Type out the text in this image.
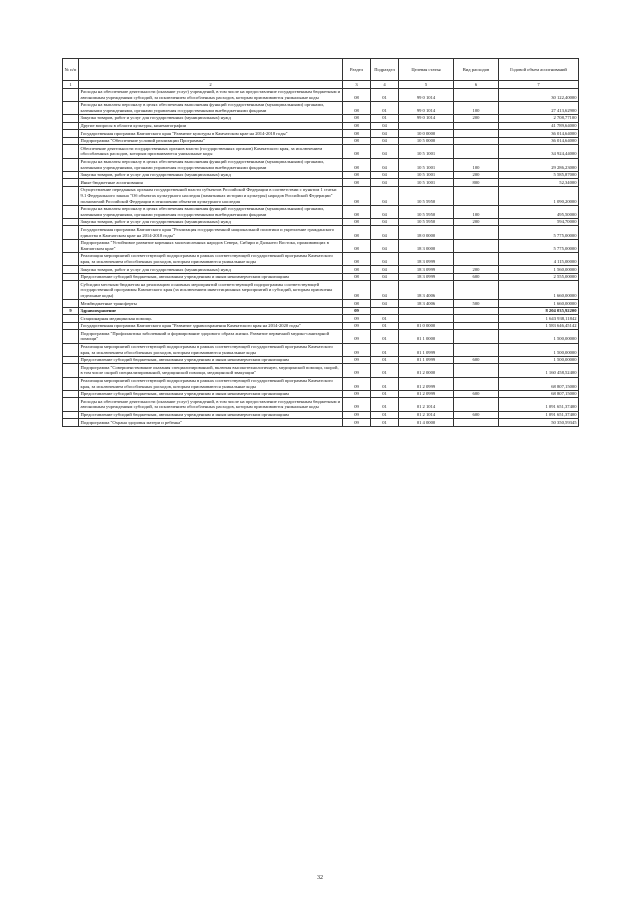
№ п/п		Раздел	Подраздел	Целевая статья	Вид расходов	Годовой объем ассигнований
1	2	3	4	5	6	7
	Расходы на обеспечение деятельности (оказание услуг) учреждений, в том числе на предоставление государственным бюджетным и автономным учреждениям субсидий, за исключением обособленных расходов, которым присваиваются уникальные коды	08	01	99 0 1014		30 122,40000
	Расходы на выплаты персоналу в целях обеспечения выполнения функций государственными (муниципальными) органами, казенными учреждениями, органами управления государственными внебюджетными фондами	08	01	99 0 1014	100	27 413,62900
	Закупка товаров, работ и услуг для государственных (муниципальных) нужд	08	01	99 0 1014	200	2 708,77100
	Другие вопросы в области культуры, кинематографии	08	04			41 789,64000
	Государственная программа Камчатского края "Развитие культуры в Камчатском крае на 2014-2018 годы"	08	04	10 0 0000		36 014,64000
	Подпрограмма "Обеспечение условий реализации Программы"	08	04	10 5 0000		36 014,64000
	Обеспечение деятельности государственных органов власти (государственных органов) Камчатского края, за исключением обособленных расходов, которым присваиваются уникальные коды	08	04	10 5 1001		34 924,44000
	Расходы на выплаты персоналу в целях обеспечения выполнения функций государственными (муниципальными) органами, казенными учреждениями, органами управления государственными внебюджетными фондами	08	04	10 5 1001	100	29 286,23000
	Закупка товаров, работ и услуг для государственных (муниципальных) нужд	08	04	10 5 1001	200	5 585,87000
	Иные бюджетные ассигнования	08	04	10 5 1001	800	52,34000
	Осуществление переданных органам государственной власти субъектов Российской Федерации в соответствии с пунктом 1 статьи 9.1 Федерального закона "Об объектах культурного наследия (памятниках истории и культуры) народов Российской Федерации" полномочий Российской Федерации в отношении объектов культурного наследия	08	04	10 5 5950		1 090,20000
	Расходы на выплаты персоналу в целях обеспечения выполнения функций государственными (муниципальными) органами, казенными учреждениями, органами управления государственными внебюджетными фондами	08	04	10 5 5950	100	495,50000
	Закупка товаров, работ и услуг для государственных (муниципальных) нужд	08	04	10 5 5950	200	594,70000
	Государственная программа Камчатского края "Реализация государственной национальной политики и укрепление гражданского единства в Камчатском крае на 2014-2018 годы"	08	04	18 0 0000		5 775,00000
	Подпрограмма "Устойчивое развитие коренных малочисленных народов Севера, Сибири и Дальнего Востока, проживающих в Камчатском крае"	08	04	18 3 0000		5 775,00000
	Реализация мероприятий соответствующей подпрограммы в рамках соответствующей государственной программы Камчатского края, за исключением обособленных расходов, которым присваиваются уникальные коды	08	04	18 3 0999		4 115,00000
	Закупка товаров, работ и услуг для государственных (муниципальных) нужд	08	04	18 3 0999	200	1 560,00000
	Предоставление субсидий бюджетным, автономным учреждениям и иным некоммерческим организациям	08	04	18 3 0999	600	2 555,00000
	Субсидии местным бюджетам на реализацию основных мероприятий соответствующей подпрограммы соответствующей государственной программы Камчатского края (за исключением инвестиционных мероприятий и субсидий, которым присвоены отдельные коды)	08	04	18 3 4006		1 660,00000
	Межбюджетные трансферты	08	04	18 3 4006	500	1 660,00000
9	Здравоохранение	09				8 204 035,92200
	Стационарная медицинская помощь	09	01			1 643 938,11842
	Государственная программа Камчатского края "Развитие здравоохранения Камчатского края на 2014-2020 годы"	09	01	01 0 0000		1 583 646,45142
	Подпрограмма "Профилактика заболеваний и формирование здорового образа жизни. Развитие первичной медико-санитарной помощи"	09	01	01 1 0000		1 500,00000
	Реализация мероприятий соответствующей подпрограммы в рамках соответствующей государственной программы Камчатского края, за исключением обособленных расходов, которым присваиваются уникальные коды	09	01	01 1 0999		1 500,00000
	Предоставление субсидий бюджетным, автономным учреждениям и иным некоммерческим организациям	09	01	01 1 0999	600	1 500,00000
	Подпрограмма "Совершенствование оказания специализированной, включая высокотехнологичную, медицинской помощи, скорой, в том числе скорой специализированной, медицинской помощи, медицинской эвакуации"	09	01	01 2 0000		1 160 458,52400
	Реализация мероприятий соответствующей подпрограммы в рамках соответствующей государственной программы Камчатского края, за исключением обособленных расходов, которым присваиваются уникальные коды	09	01	01 2 0999		68 807,15000
	Предоставление субсидий бюджетным, автономным учреждениям и иным некоммерческим организациям	09	01	01 2 0999	600	68 807,15000
	Расходы на обеспечение деятельности (оказание услуг) учреждений, в том числе на предоставление государственным бюджетным и автономным учреждениям субсидий, за исключением обособленных расходов, которым присваиваются уникальные коды	09	01	01 2 1014		1 091 651,37400
	Предоставление субсидий бюджетным, автономным учреждениям и иным некоммерческим организациям	09	01	01 2 1014	600	1 091 651,37400
	Подпрограмма "Охрана здоровья матери и ребенка"	09	01	01 4 0000		50 350,59345
32
